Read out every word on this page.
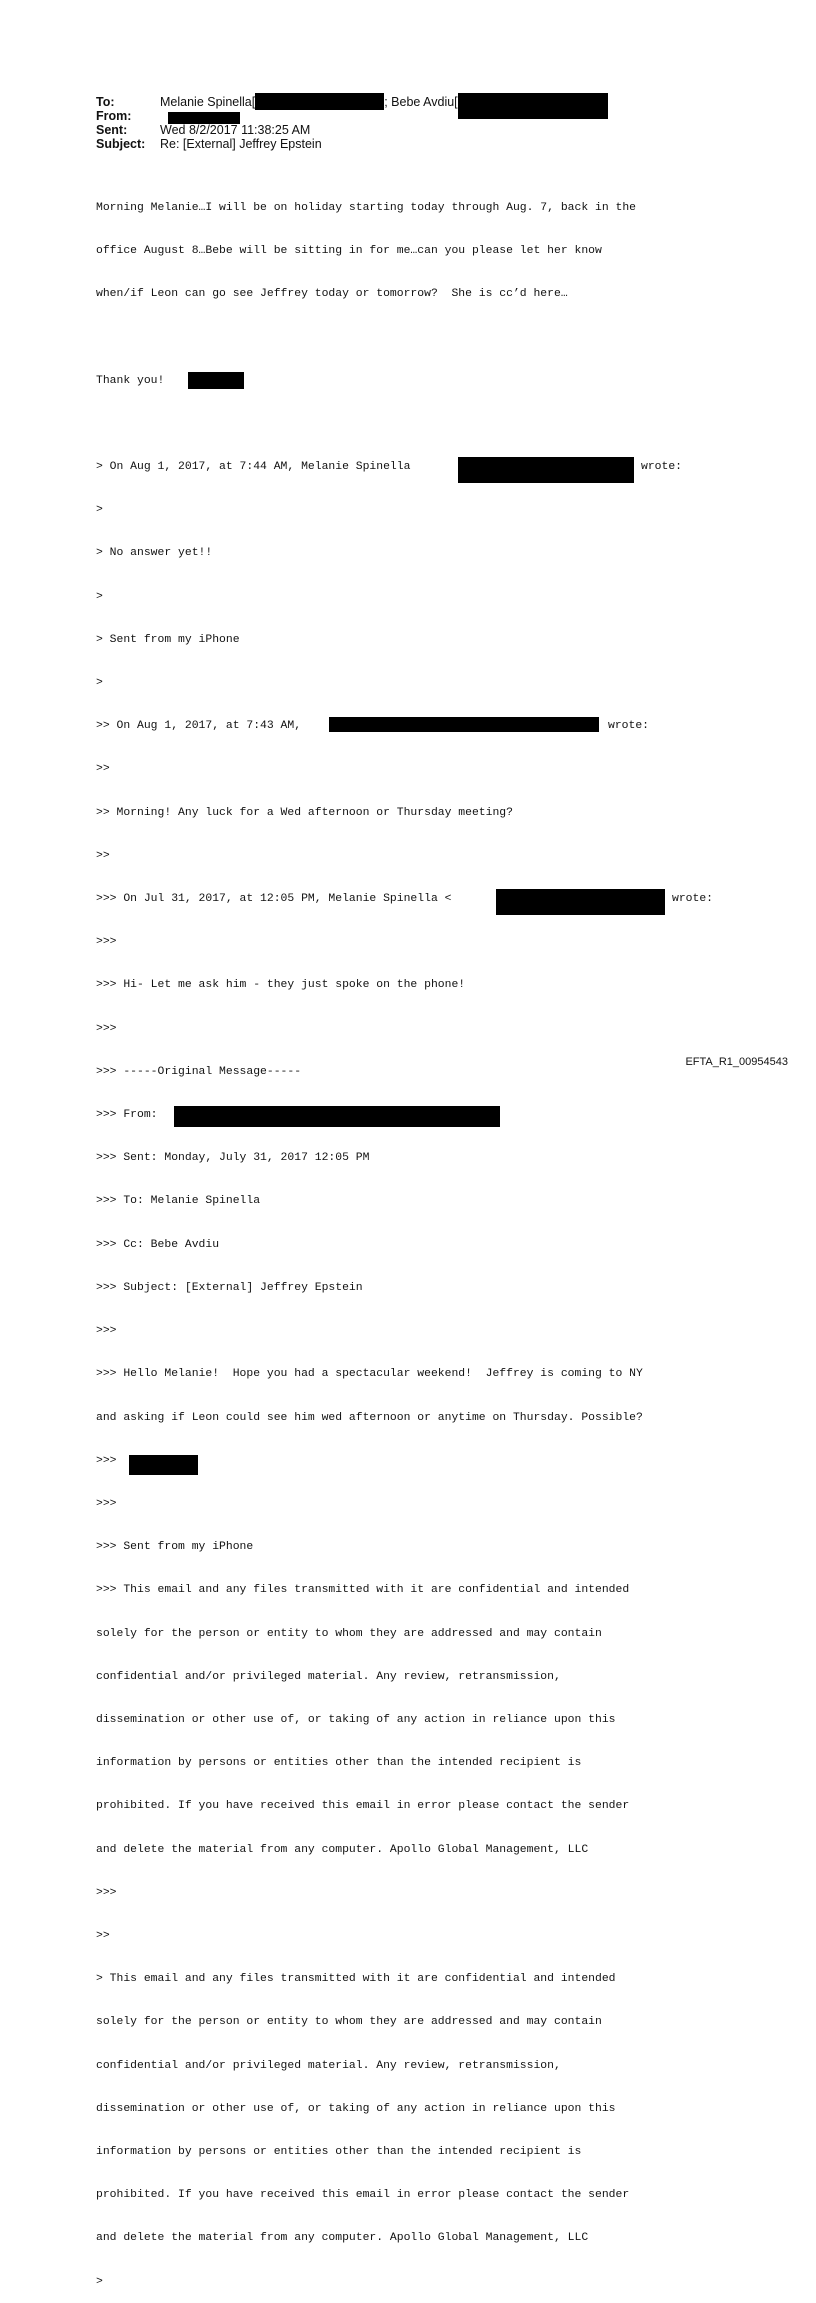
To:	Melanie Spinella[	; Bebe Avdiu[
From:
Sent:	Wed 8/2/2017 11:38:25 AM
Subject: Re: [External] Jeffrey Epstein

Morning Melanie…I will be on holiday starting today through Aug. 7, back in the

office August 8…Bebe will be sitting in for me…can you please let her know

when/if Leon can go see Jeffrey today or tomorrow?  She is cc’d here…

Thank you!

> On Aug 1, 2017, at 7:44 AM, Melanie Spinella	wrote:

>

> No answer yet!!

>

> Sent from my iPhone

>

>> On Aug 1, 2017, at 7:43 AM,	wrote:

>>

>> Morning! Any luck for a Wed afternoon or Thursday meeting?

>>

>>> On Jul 31, 2017, at 12:05 PM, Melanie Spinella <	wrote:

>>>

>>> Hi- Let me ask him - they just spoke on the phone!

>>>

>>> -----Original Message-----

>>> From:

>>> Sent: Monday, July 31, 2017 12:05 PM

>>> To: Melanie Spinella

>>> Cc: Bebe Avdiu

>>> Subject: [External] Jeffrey Epstein

>>>

>>> Hello Melanie!  Hope you had a spectacular weekend!  Jeffrey is coming to NY

and asking if Leon could see him wed afternoon or anytime on Thursday. Possible?

>>>

>>>

>>> Sent from my iPhone

>>> This email and any files transmitted with it are confidential and intended

solely for the person or entity to whom they are addressed and may contain

confidential and/or privileged material. Any review, retransmission,

dissemination or other use of, or taking of any action in reliance upon this

information by persons or entities other than the intended recipient is

prohibited. If you have received this email in error please contact the sender

and delete the material from any computer. Apollo Global Management, LLC

>>>

>>

> This email and any files transmitted with it are confidential and intended

solely for the person or entity to whom they are addressed and may contain

confidential and/or privileged material. Any review, retransmission,

dissemination or other use of, or taking of any action in reliance upon this

information by persons or entities other than the intended recipient is

prohibited. If you have received this email in error please contact the sender

and delete the material from any computer. Apollo Global Management, LLC

>

EFTA_R1_00954543
